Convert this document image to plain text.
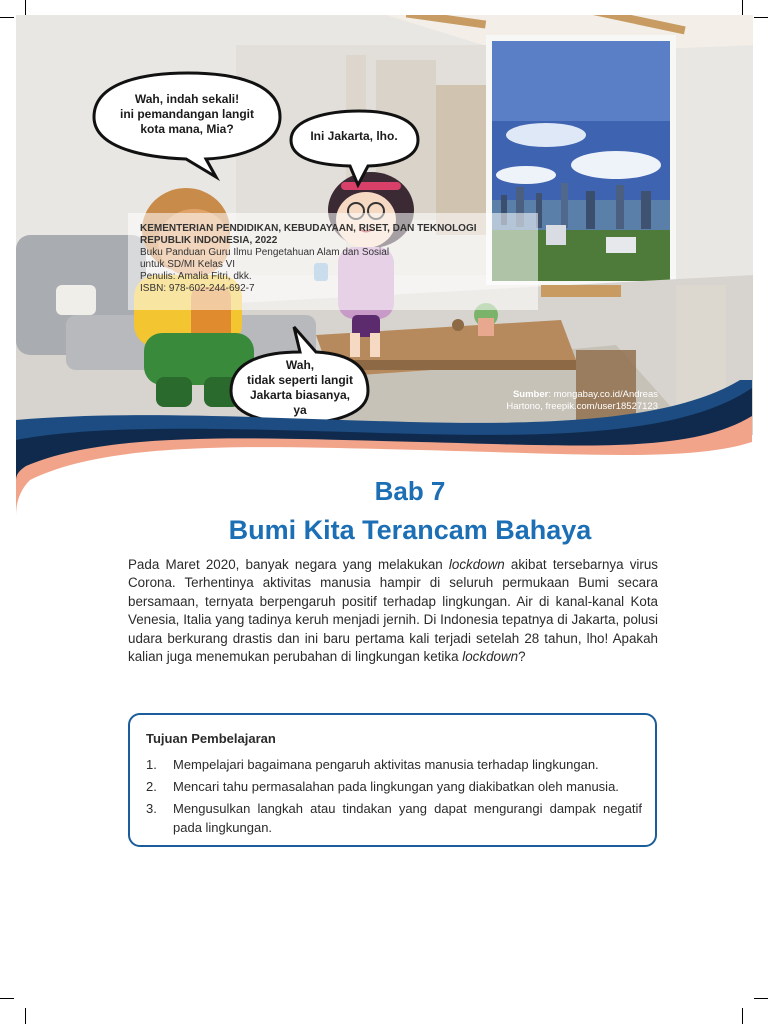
Wah, indah sekali!
ini pemandangan langit
kota mana, Mia?	Ini Jakarta, lho.
Wah,
tidak seperti langit
Jakarta biasanya,
ya
KEMENTERIAN PENDIDIKAN, KEBUDAYAAN, RISET, DAN TEKNOLOGI
REPUBLIK INDONESIA, 2022
Buku Panduan Guru Ilmu Pengetahuan Alam dan Sosial
untuk SD/MI Kelas VI
Penulis: Amalia Fitri, dkk.
ISBN: 978-602-244-692-7
Sumber: mongabay.co.id/Andreas
Hartono, freepik.com/user18527123
Bab 7
Bumi Kita Terancam Bahaya

Pada Maret 2020, banyak negara yang melakukan lockdown akibat tersebarnya virus Corona. Terhentinya aktivitas manusia hampir di seluruh permukaan Bumi secara bersamaan, ternyata berpengaruh positif terhadap lingkungan. Air di kanal-kanal Kota Venesia, Italia yang tadinya keruh menjadi jernih. Di Indonesia tepatnya di Jakarta, polusi udara berkurang drastis dan ini baru pertama kali terjadi setelah 28 tahun, lho! Apakah kalian juga menemukan perubahan di lingkungan ketika lockdown?

Tujuan Pembelajaran
1. Mempelajari bagaimana pengaruh aktivitas manusia terhadap lingkungan.
2. Mencari tahu permasalahan pada lingkungan yang diakibatkan oleh manusia.
3. Mengusulkan langkah atau tindakan yang dapat mengurangi dampak negatif pada lingkungan.
